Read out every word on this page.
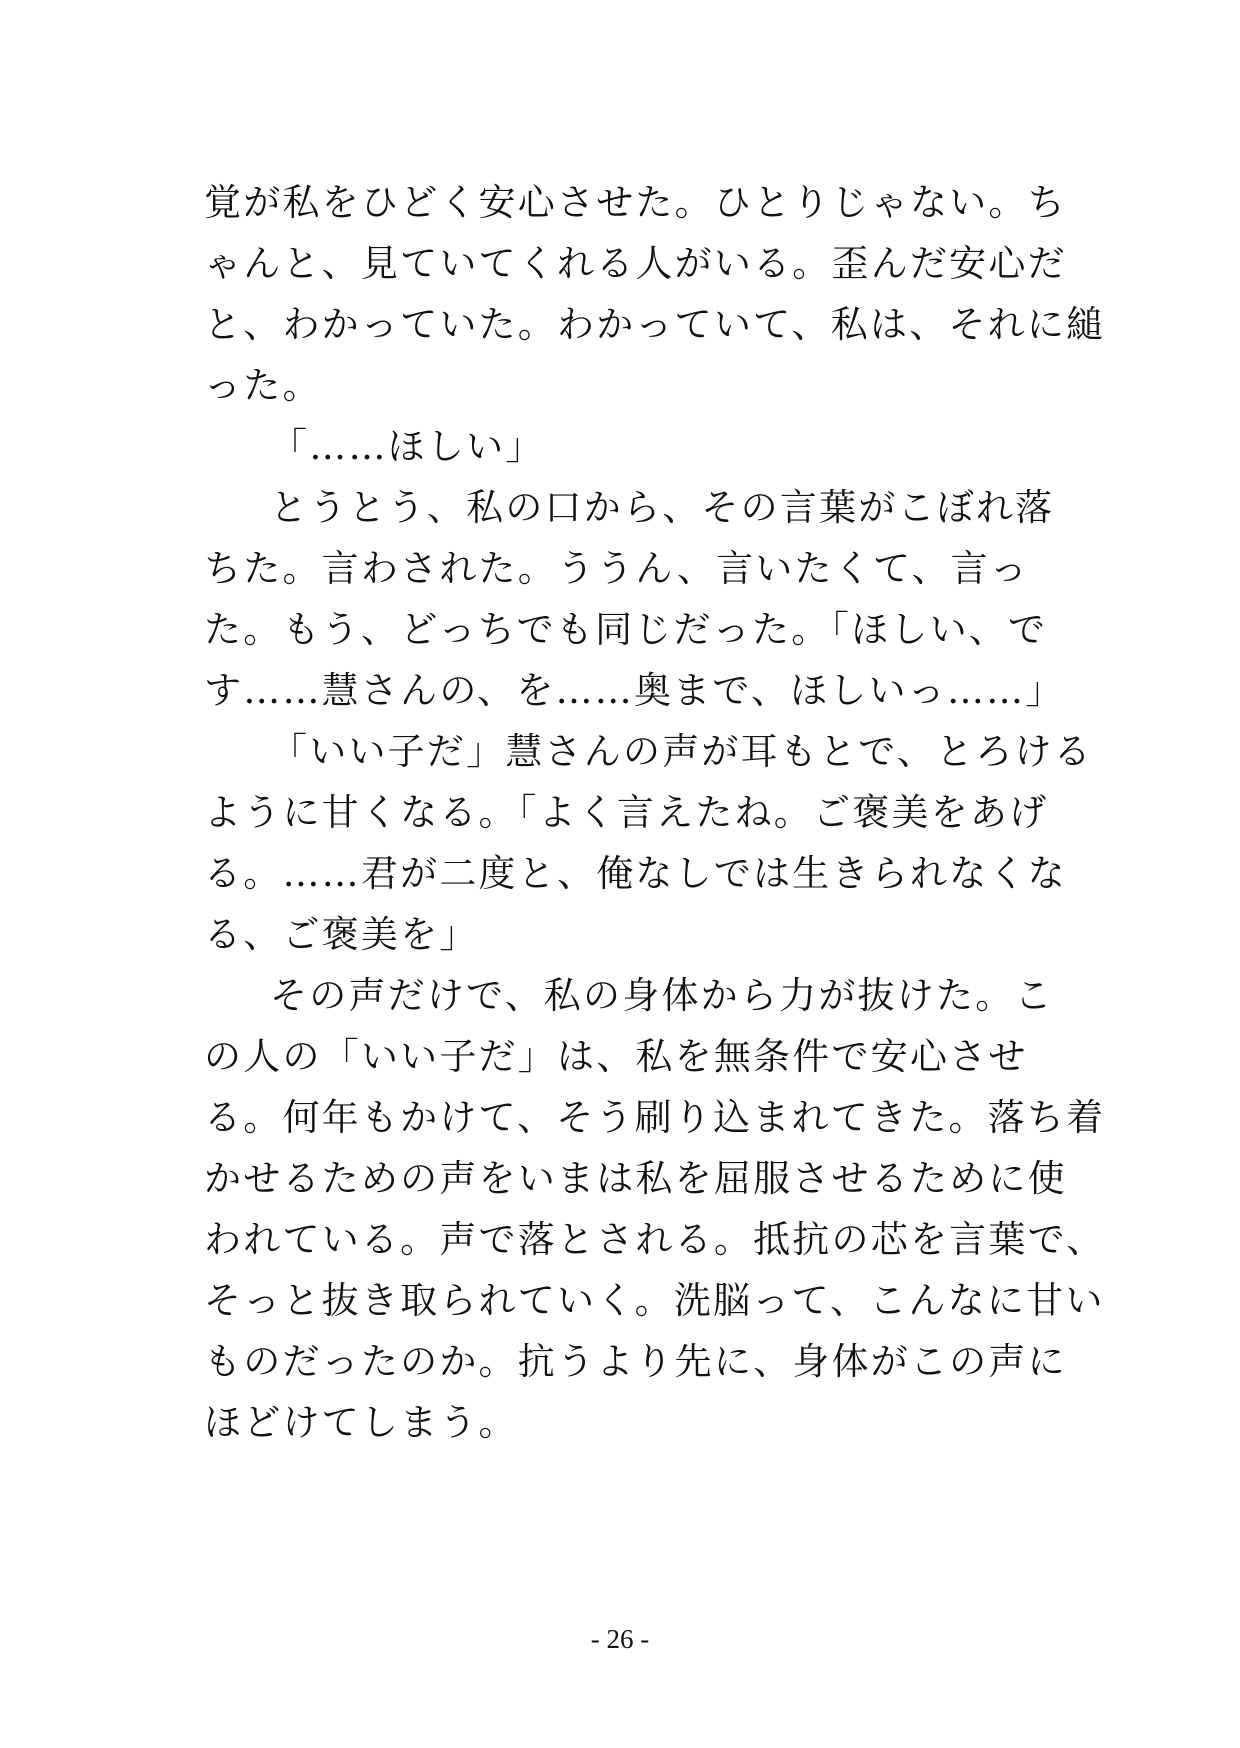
覚が私をひどく安心させた。ひとりじゃない。ち
ゃんと、見ていてくれる人がいる。歪んだ安心だ
と、わかっていた。わかっていて、私は、それに縋
った。
「……ほしい」
とうとう、私の口から、その言葉がこぼれ落
ちた。言わされた。ううん、言いたくて、言っ
た。もう、どっちでも同じだった。「ほしい、で
す……慧さんの、を……奥まで、ほしいっ……」
「いい子だ」慧さんの声が耳もとで、とろける
ように甘くなる。「よく言えたね。ご褒美をあげ
る。……君が二度と、俺なしでは生きられなくな
る、ご褒美を」
その声だけで、私の身体から力が抜けた。こ
の人の「いい子だ」は、私を無条件で安心させ
る。何年もかけて、そう刷り込まれてきた。落ち着
かせるための声をいまは私を屈服させるために使
われている。声で落とされる。抵抗の芯を言葉で、
そっと抜き取られていく。洗脳って、こんなに甘い
ものだったのか。抗うより先に、身体がこの声に
ほどけてしまう。
- 26 -
